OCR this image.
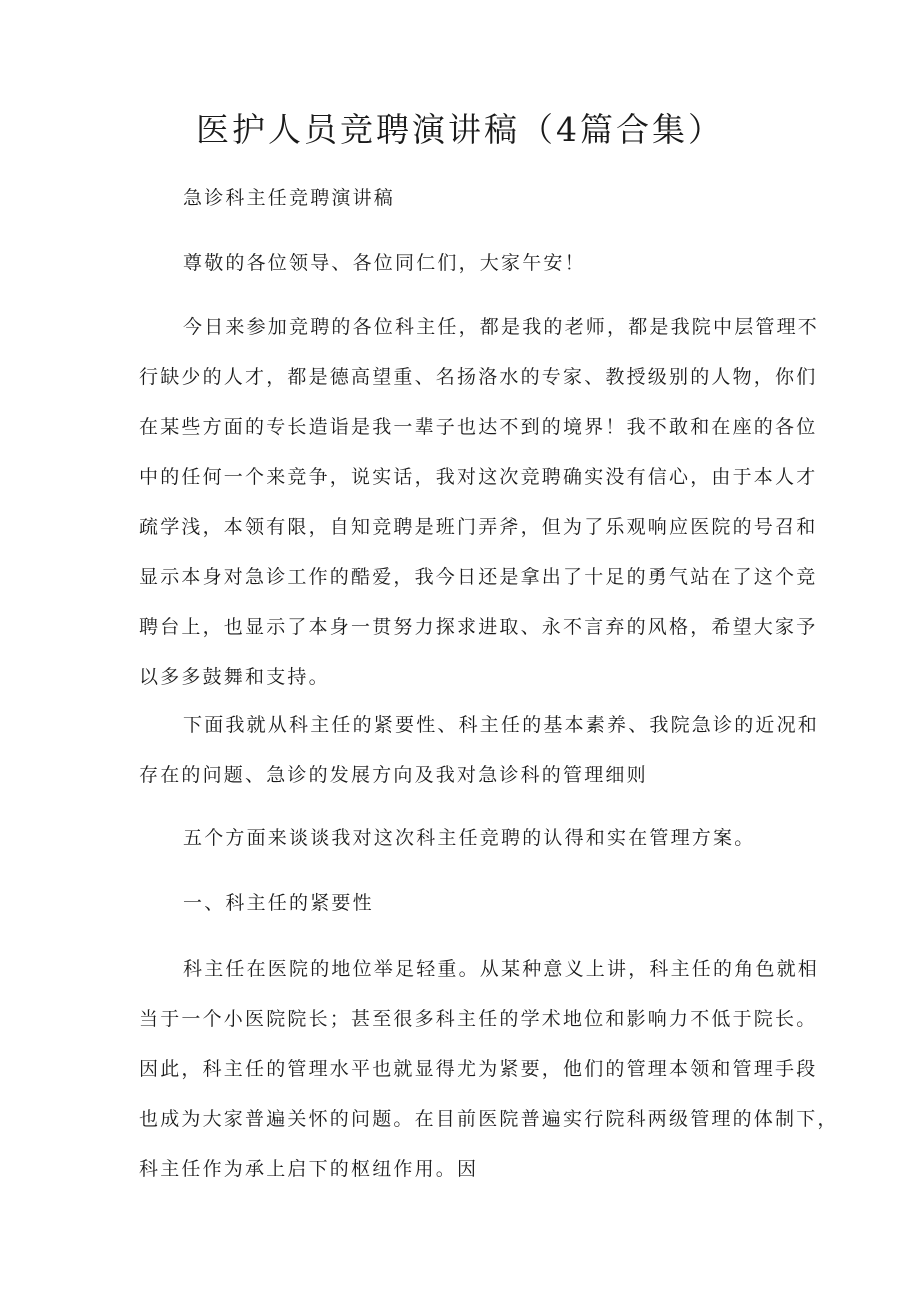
医护人员竞聘演讲稿（4篇合集）

急诊科主任竞聘演讲稿

尊敬的各位领导、各位同仁们，大家午安！

今日来参加竞聘的各位科主任，都是我的老师，都是我院中层管理不
行缺少的人才，都是德高望重、名扬洛水的专家、教授级别的人物，你们
在某些方面的专长造诣是我一辈子也达不到的境界！我不敢和在座的各位
中的任何一个来竞争，说实话，我对这次竞聘确实没有信心，由于本人才
疏学浅，本领有限，自知竞聘是班门弄斧，但为了乐观响应医院的号召和
显示本身对急诊工作的酷爱，我今日还是拿出了十足的勇气站在了这个竞
聘台上，也显示了本身一贯努力探求进取、永不言弃的风格，希望大家予
以多多鼓舞和支持。

下面我就从科主任的紧要性、科主任的基本素养、我院急诊的近况和
存在的问题、急诊的发展方向及我对急诊科的管理细则

五个方面来谈谈我对这次科主任竞聘的认得和实在管理方案。

一、科主任的紧要性

科主任在医院的地位举足轻重。从某种意义上讲，科主任的角色就相
当于一个小医院院长；甚至很多科主任的学术地位和影响力不低于院长。
因此，科主任的管理水平也就显得尤为紧要，他们的管理本领和管理手段
也成为大家普遍关怀的问题。在目前医院普遍实行院科两级管理的体制下，
科主任作为承上启下的枢纽作用。因
